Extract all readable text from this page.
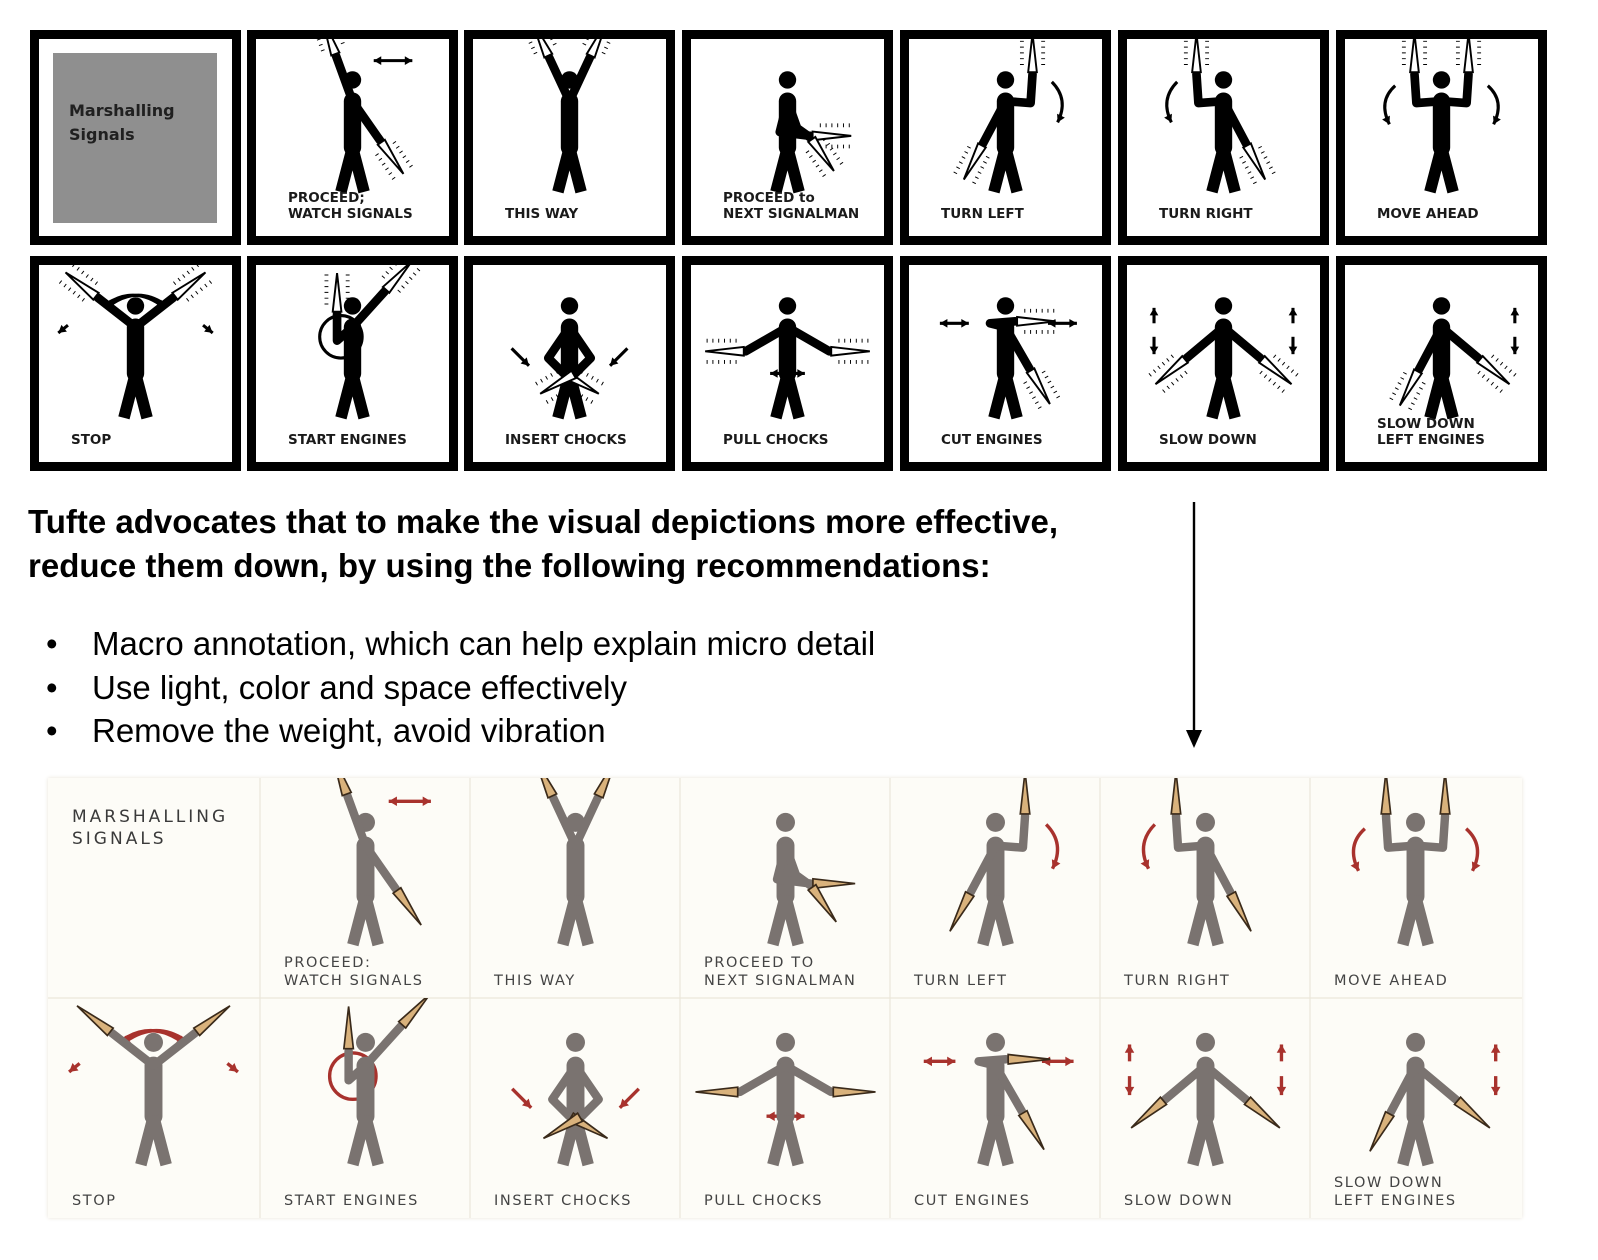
Marshalling
Signals
PROCEED;
WATCH SIGNALS	THIS WAY
PROCEED to
NEXT SIGNALMAN	TURN LEFT	TURN RIGHT	MOVE AHEAD
STOP	START ENGINES	INSERT CHOCKS	PULL CHOCKS	CUT ENGINES	SLOW DOWN
SLOW DOWN
LEFT ENGINES
Tufte advocates that to make the visual depictions more effective,
reduce them down, by using the following recommendations:
• Macro annotation, which can help explain micro detail
• Use light, color and space effectively
• Remove the weight, avoid vibration
MARSHALLING
SIGNALS
PROCEED:
WATCH SIGNALS	THIS WAY
PROCEED TO
NEXT SIGNALMAN	TURN LEFT	TURN RIGHT	MOVE AHEAD
STOP	START ENGINES	INSERT CHOCKS	PULL CHOCKS	CUT ENGINES	SLOW DOWN
SLOW DOWN
LEFT ENGINES
